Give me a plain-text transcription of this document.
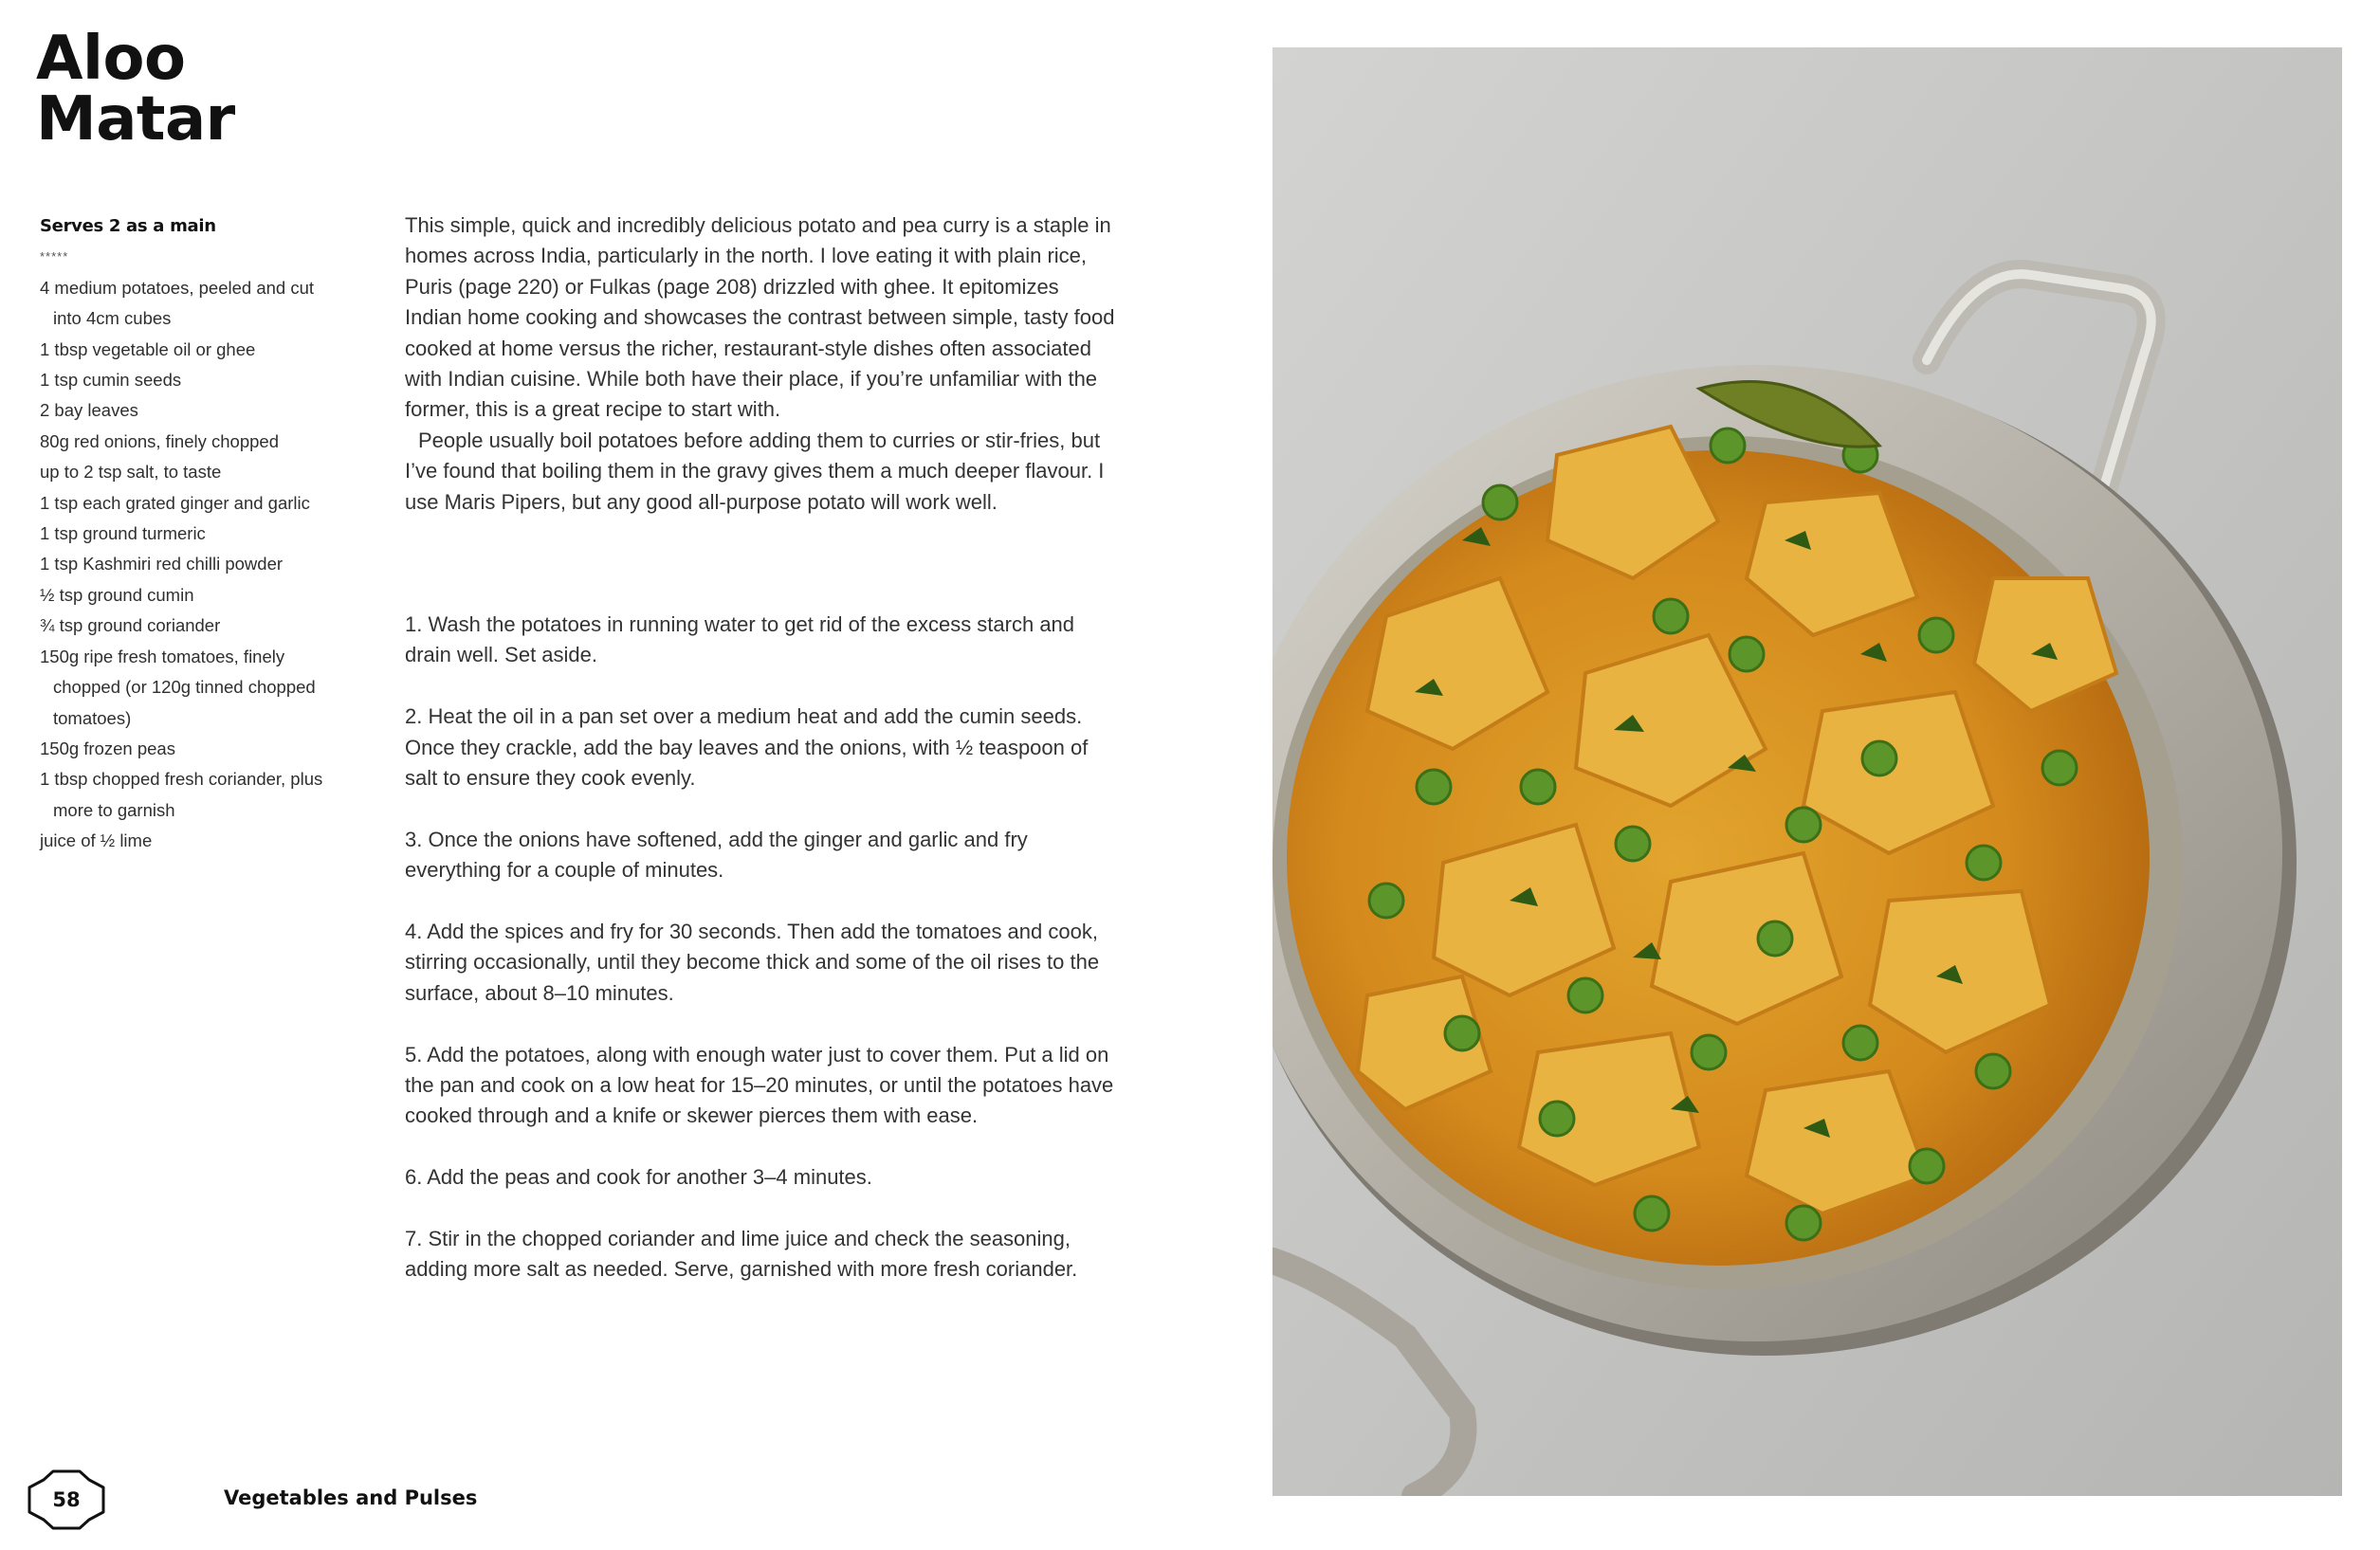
Aloo
Matar
Serves 2 as a main
*****
4 medium potatoes, peeled and cut into 4cm cubes
1 tbsp vegetable oil or ghee
1 tsp cumin seeds
2 bay leaves
80g red onions, finely chopped
up to 2 tsp salt, to taste
1 tsp each grated ginger and garlic
1 tsp ground turmeric
1 tsp Kashmiri red chilli powder
½ tsp ground cumin
¾ tsp ground coriander
150g ripe fresh tomatoes, finely chopped (or 120g tinned chopped tomatoes)
150g frozen peas
1 tbsp chopped fresh coriander, plus more to garnish
juice of ½ lime

This simple, quick and incredibly delicious potato and pea curry is a staple in homes across India, particularly in the north. I love eating it with plain rice, Puris (page 220) or Fulkas (page 208) drizzled with ghee. It epitomizes Indian home cooking and showcases the contrast between simple, tasty food cooked at home versus the richer, restaurant-style dishes often associated with Indian cuisine. While both have their place, if you’re unfamiliar with the former, this is a great recipe to start with.

People usually boil potatoes before adding them to curries or stir-fries, but I’ve found that boiling them in the gravy gives them a much deeper flavour. I use Maris Pipers, but any good all-purpose potato will work well.

1. Wash the potatoes in running water to get rid of the excess starch and drain well. Set aside.
2. Heat the oil in a pan set over a medium heat and add the cumin seeds. Once they crackle, add the bay leaves and the onions, with ½ teaspoon of salt to ensure they cook evenly.
3. Once the onions have softened, add the ginger and garlic and fry everything for a couple of minutes.
4. Add the spices and fry for 30 seconds. Then add the tomatoes and cook, stirring occasionally, until they become thick and some of the oil rises to the surface, about 8–10 minutes.
5. Add the potatoes, along with enough water just to cover them. Put a lid on the pan and cook on a low heat for 15–20 minutes, or until the potatoes have cooked through and a knife or skewer pierces them with ease.
6. Add the peas and cook for another 3–4 minutes.
7. Stir in the chopped coriander and lime juice and check the seasoning, adding more salt as needed. Serve, garnished with more fresh coriander.
58	Vegetables and Pulses
